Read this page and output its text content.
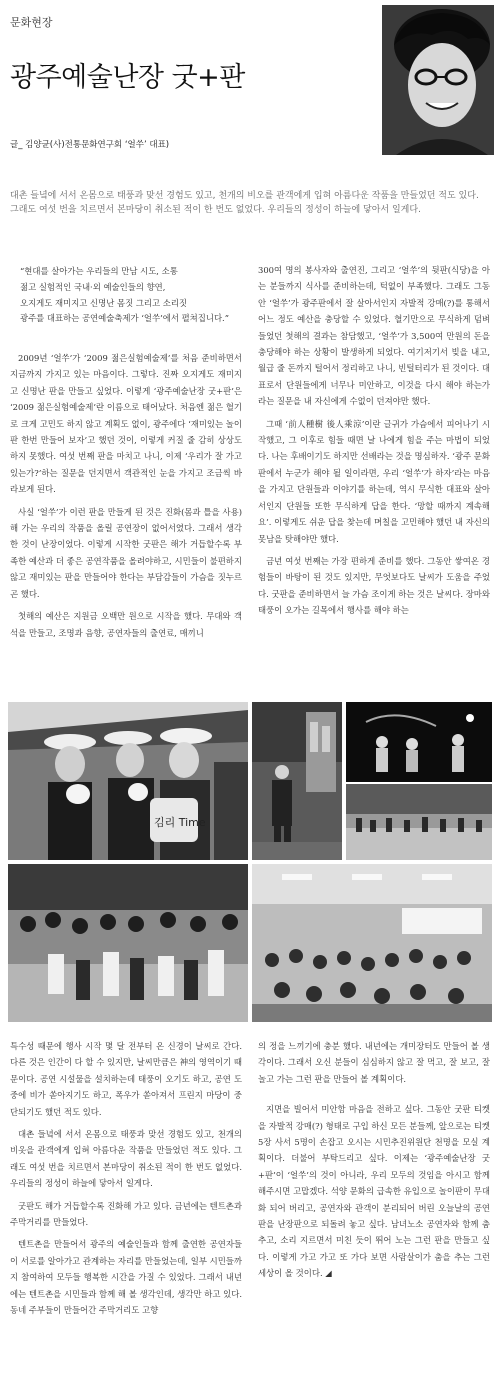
문화현장
광주예술난장 굿+판
글_ 김양균(사)전통문화연구회 ‘얼쑤’ 대표)
대촌 들녘에 서서 온몸으로 태풍과 맞선 경험도 있고, 천개의 비오를 관객에게 입혀 아름다운 작품을 만들었던 적도 있다. 그래도 여섯 번을 치르면서 본마당이 취소된 적이 한 번도 없었다. 우리들의 정성이 하늘에 닿아서 일게다.
“현대를 살아가는 우리들의 만남 시도, 소통
젊고 실험적인 국내·외 예술인들의 향연,
오지게도 재미지고 신명난 몸짓 그리고 소리짓
광주를 대표하는 공연예술축제가 ‘얼쑤’에서 펼쳐집니다.”

2009년 ‘얼쑤’가 ‘2009 젊은실험예술제’를 처음 준비하면서 지금까지 가지고 있는 마음이다. 그렇다. 진짜 오지게도 재미지고 신명난 판을 만들고 싶었다. 이렇게 ‘광주예술난장 굿+판’은 ‘2009 젊은실험예술제’란 이름으로 태어났다. 처음엔 젊은 혈기로 크게 고민도 하지 않고 계획도 없이, 광주에다 ‘재미있는 놀이판 한번 만들어 보자’고 했던 것이, 이렇게 커질 줄 감히 상상도 하지 못했다. 여섯 번째 판을 마치고 나니, 이제 ‘우리가 잘 가고 있는가?’하는 질문을 던지면서 객관적인 눈을 가지고 조금씩 바라보게 된다.

사실 ‘얼쑤’가 이런 판을 만들게 된 것은 진화(몸과 틀을 사용)해 가는 우리의 작품을 올릴 공연장이 없어서였다. 그래서 생각한 것이 난장이었다. 이렇게 시작한 굿판은 해가 거듭할수록 부족한 예산과 더 좋은 공연작품을 올려야하고, 시민들이 불편하지 않고 재미있는 판을 만들어야 한다는 부담감들이 가슴을 짓누르곤 했다.

첫해의 예산은 지원금 오백만 원으로 시작을 했다. 무대와 객석을 만들고, 조명과 음향, 공연자들의 출연료, 매끼니

300여 명의 봉사자와 출연진, 그리고 ‘얼쑤’의 뒷판(식당)을 아는 분들까지 식사를 준비하는데, 턱없이 부족했다. 그래도 그동안 ‘얼쑤’가 광주판에서 잘 살아서인지 자발적 강매(?)를 통해서 어느 정도 예산을 충당할 수 있었다. 혈기만으로 무식하게 덤벼들었던 첫해의 결과는 참담했고, ‘얼쑤’가 3,500여 만원의 돈을 충당해야 하는 상황이 발생하게 되었다. 여기저기서 빚을 내고, 월급 줄 돈까지 털어서 정리하고 나니, 빈털터리가 된 것이다. 대표로서 단원들에게 너무나 미안하고, 이것을 다시 해야 하는가 라는 질문을 내 자신에게 수없이 던져야만 했다.

그때 ‘前人種樹 後人乘涼’이란 글귀가 가슴에서 피어나기 시작했고, 그 이후로 힘들 때면 날 나에게 힘을 주는 마법이 되었다. 나는 후배이기도 하지만 선배라는 것을 명심하자. ‘광주 문화판에서 누군가 해야 될 일이라면, 우리 ‘얼쑤’가 하자’라는 마음을 가지고 단원들과 이야기를 하는데, 역시 무식한 대표와 살아서인지 단원들 또한 무식하게 답을 한다. ‘망할 때까지 계속해요’. 이렇게도 쉬운 답을 찾는데 며칠을 고민해야 했던 내 자신의 못남을 탓해야만 했다.

금년 여섯 번째는 가장 편하게 준비를 했다. 그동안 쌓여온 경험들이 바탕이 된 것도 있지만, 무엇보다도 날씨가 도움을 주었다. 굿판을 준비하면서 늘 가슴 조이게 하는 것은 날씨다. 장마와 태풍이 오가는 길목에서 행사를 해야 하는

김리 Time

특수성 때문에 행사 시작 몇 달 전부터 온 신경이 날씨로 간다. 다른 것은 인간이 다 할 수 있지만, 날씨만큼은 神의 영역이기 때문이다. 공연 시설물을 설치하는데 태풍이 오기도 하고, 공연 도중에 비가 쏟아지기도 하고, 폭우가 쏟아져서 프린지 마당이 중단되기도 했던 적도 있다.

대촌 들녘에 서서 온몸으로 태풍과 맞선 경험도 있고, 천개의 비옷을 관객에게 입혀 아름다운 작품을 만들었던 적도 있다. 그래도 여섯 번을 치르면서 본마당이 취소된 적이 한 번도 없었다. 우리들의 정성이 하늘에 닿아서 일게다.

굿판도 해가 거듭할수록 진화해 가고 있다. 금년에는 텐트촌과 주막거리를 만들었다.

텐트촌을 만들어서 광주의 예술인들과 함께 출연한 공연자들이 서로를 알아가고 관계하는 자리를 만들었는데, 일부 시민들까지 참여하여 모두들 행복한 시간을 가질 수 있었다. 그래서 내년에는 텐트촌을 시민들과 함께 해 볼 생각인데, 생각만 하고 있다. 동네 주부들이 만들어간 주막거리도 고향

의 정을 느끼기에 충분 했다. 내년에는 개미장터도 만들어 볼 생각이다. 그래서 오신 분들이 심심하지 않고 잘 먹고, 잘 보고, 잘 놀고 가는 그런 판을 만들어 볼 계획이다.

지면을 빌어서 미안함 마음을 전하고 싶다. 그동안 굿판 티켓을 자발적 강매(?) 형태로 구입 하신 모든 분들께, 앞으로는 티켓 5장 사서 5명이 손잡고 오시는 시민추진위원단 천명을 모실 계획이다. 더불어 부탁드리고 싶다. 이제는 ‘광주예술난장 굿+판’이 ‘얼쑤’의 것이 아니라, 우리 모두의 것임을 아시고 함께 해주시면 고맙겠다. 석양 문화의 급속한 유입으로 놀이판이 무대화 되어 버리고, 공연자와 관객이 분리되어 버린 오늘날의 공연판을 난장판으로 되돌려 놓고 싶다. 남녀노소 공연자와 함께 춤추고, 소리 지르면서 미친 듯이 뛰어 노는 그런 판을 만들고 싶다. 이렇게 가고 가고 또 가다 보면 사람살이가 춤을 추는 그런 세상이 올 것이다. ◢
